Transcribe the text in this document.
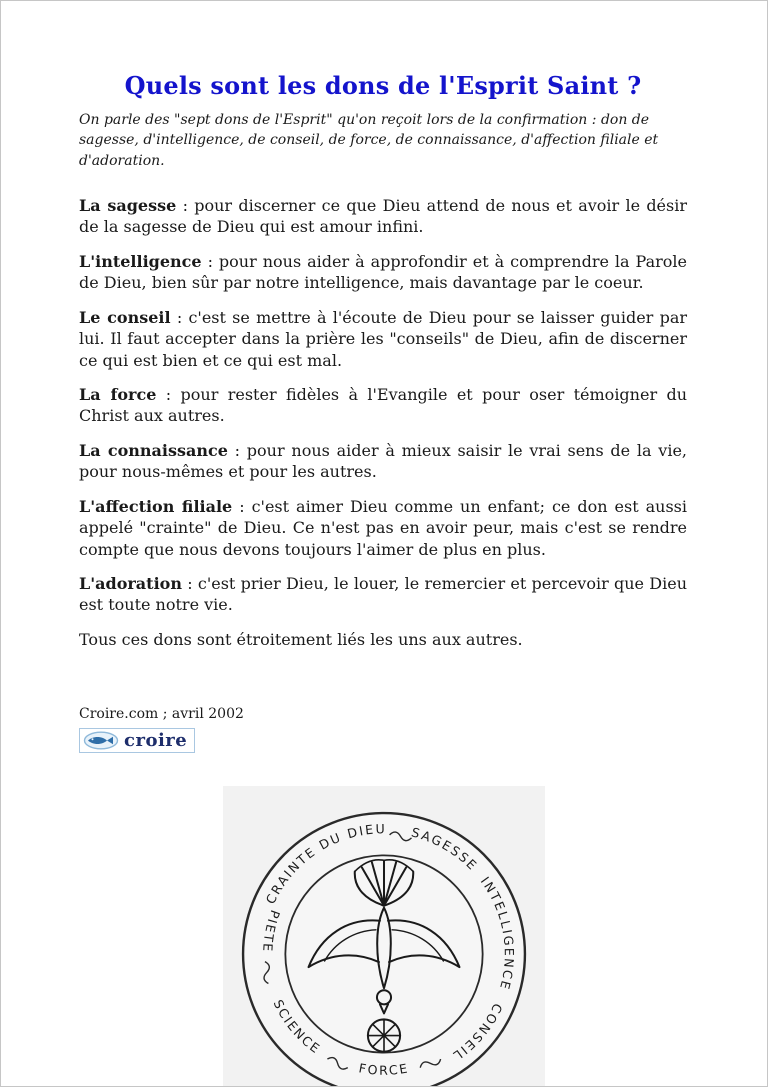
Quels sont les dons de l'Esprit Saint ?

On parle des "sept dons de l'Esprit" qu'on reçoit lors de la confirmation : don de sagesse, d'intelligence, de conseil, de force, de connaissance, d'affection filiale et d'adoration.

La sagesse : pour discerner ce que Dieu attend de nous et avoir le désir de la sagesse de Dieu qui est amour infini.

L'intelligence : pour nous aider à approfondir et à comprendre la Parole de Dieu, bien sûr par notre intelligence, mais davantage par le coeur.

Le conseil : c'est se mettre à l'écoute de Dieu pour se laisser guider par lui. Il faut accepter dans la prière les "conseils" de Dieu, afin de discerner ce qui est bien et ce qui est mal.

La force : pour rester fidèles à l'Evangile et pour oser témoigner du Christ aux autres.

La connaissance : pour nous aider à mieux saisir le vrai sens de la vie, pour nous-mêmes et pour les autres.

L'affection filiale : c'est aimer Dieu comme un enfant; ce don est aussi appelé "crainte" de Dieu. Ce n'est pas en avoir peur, mais c'est se rendre compte que nous devons toujours l'aimer de plus en plus.

L'adoration : c'est prier Dieu, le louer, le remercier et percevoir que Dieu est toute notre vie.

Tous ces dons sont étroitement liés les uns aux autres.

Croire.com ; avril 2002

croire
CRAINTE DU DIEU SAGESSE
INTELLIGENCE
CONSEIL
FORCE
SCIENCE
PIETE
